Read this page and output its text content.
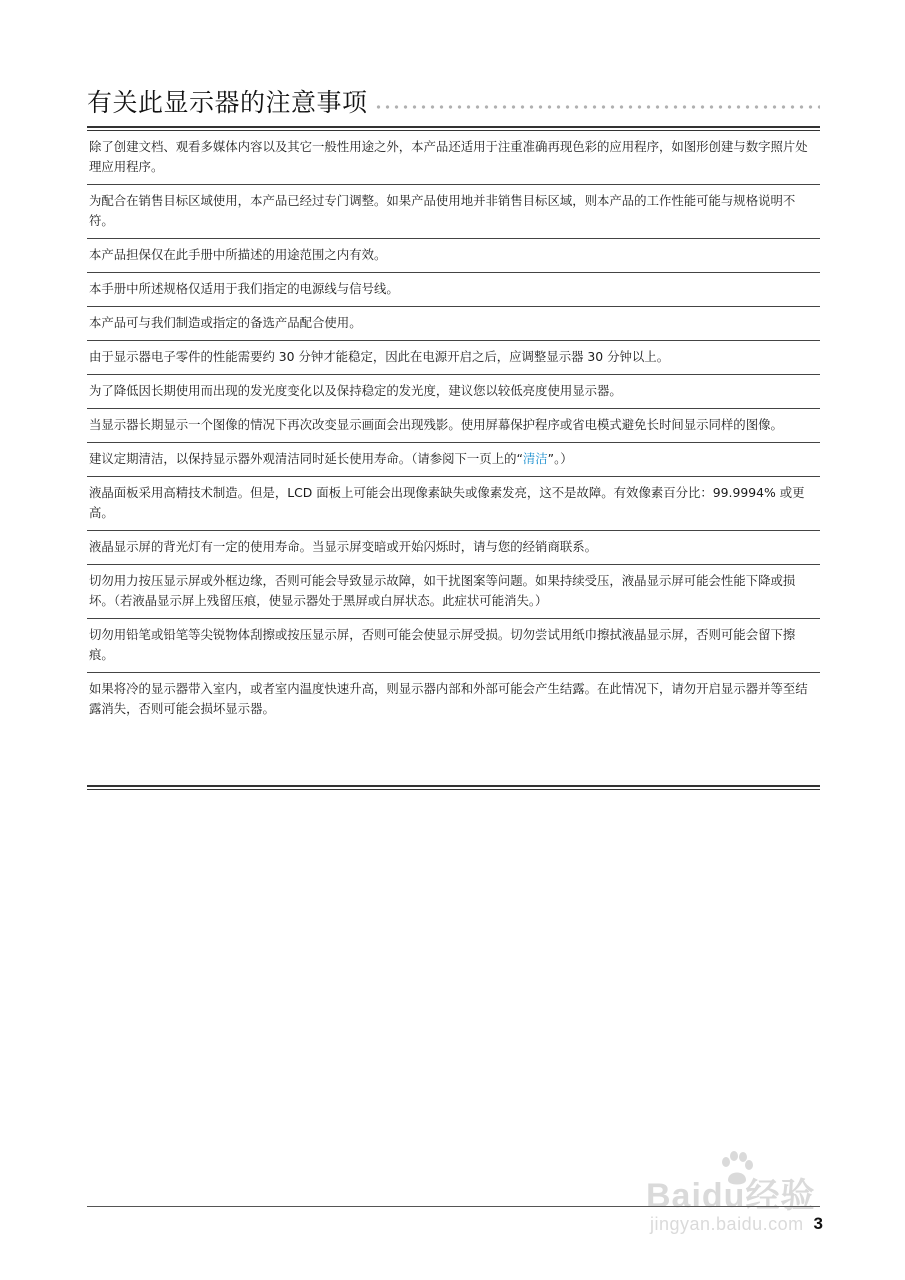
有关此显示器的注意事项
除了创建文档、观看多媒体内容以及其它一般性用途之外，本产品还适用于注重准确再现色彩的应用程序，如图形创建与数字照片处理应用程序。
为配合在销售目标区域使用，本产品已经过专门调整。如果产品使用地并非销售目标区域，则本产品的工作性能可能与规格说明不符。
本产品担保仅在此手册中所描述的用途范围之内有效。
本手册中所述规格仅适用于我们指定的电源线与信号线。
本产品可与我们制造或指定的备选产品配合使用。
由于显示器电子零件的性能需要约 30 分钟才能稳定，因此在电源开启之后，应调整显示器 30 分钟以上。
为了降低因长期使用而出现的发光度变化以及保持稳定的发光度，建议您以较低亮度使用显示器。
当显示器长期显示一个图像的情况下再次改变显示画面会出现残影。使用屏幕保护程序或省电模式避免长时间显示同样的图像。
建议定期清洁，以保持显示器外观清洁同时延长使用寿命。（请参阅下一页上的“清洁”。）
液晶面板采用高精技术制造。但是，LCD 面板上可能会出现像素缺失或像素发亮，这不是故障。有效像素百分比：99.9994% 或更高。
液晶显示屏的背光灯有一定的使用寿命。当显示屏变暗或开始闪烁时，请与您的经销商联系。
切勿用力按压显示屏或外框边缘，否则可能会导致显示故障，如干扰图案等问题。如果持续受压，液晶显示屏可能会性能下降或损坏。（若液晶显示屏上残留压痕，使显示器处于黑屏或白屏状态。此症状可能消失。）
切勿用铅笔或铅笔等尖锐物体刮擦或按压显示屏，否则可能会使显示屏受损。切勿尝试用纸巾擦拭液晶显示屏，否则可能会留下擦痕。
如果将冷的显示器带入室内，或者室内温度快速升高，则显示器内部和外部可能会产生结露。在此情况下，请勿开启显示器并等至结露消失，否则可能会损坏显示器。
Baidu经验
jingyan.baidu.com 3
